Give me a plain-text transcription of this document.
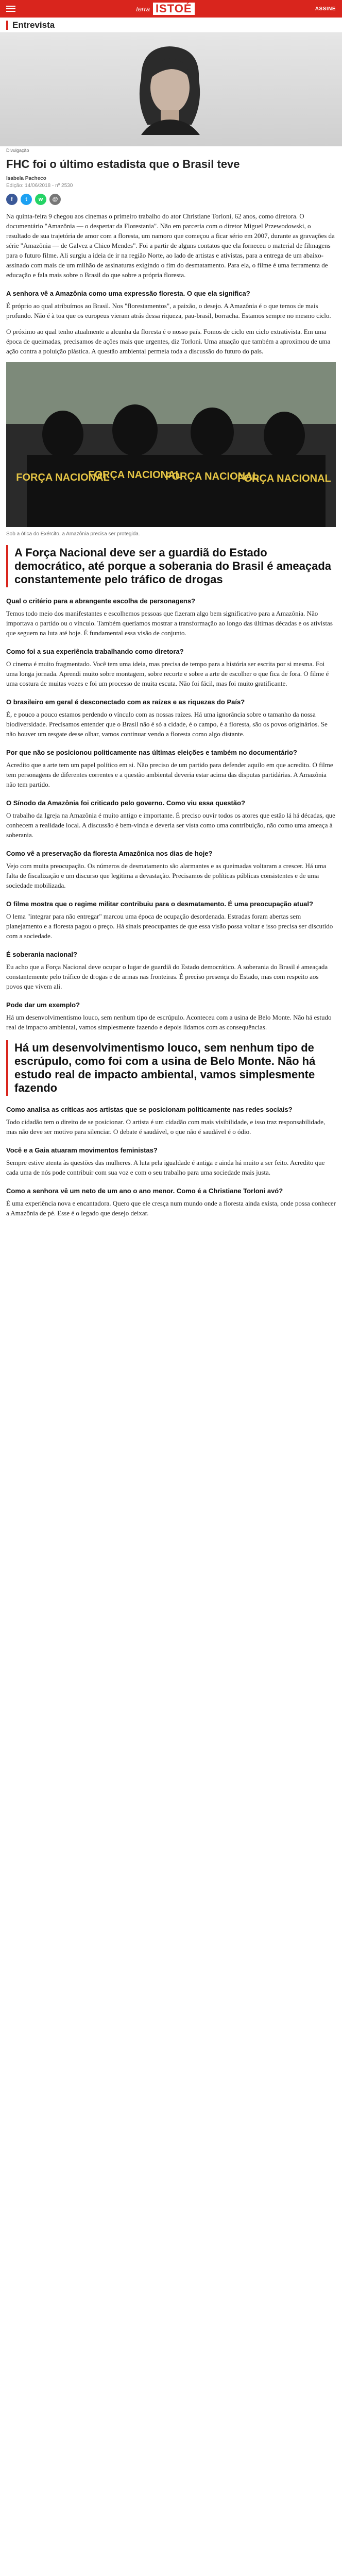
terra ISTOÉ	ASSINE
Entrevista
Divulgação
FHC foi o último estadista que o Brasil teve
Isabela Pacheco
Edição: 14/06/2018 - nº 2530
f	t	w	@

Na quinta-feira 9 chegou aos cinemas o primeiro trabalho do ator Christiane Torloni, 62 anos, como diretora. O documentário "Amazônia — o despertar da Florestania". Não em parceria com o diretor Miguel Przewodowski, o resultado de sua trajetória de amor com a floresta, um namoro que começou a ficar sério em 2007, durante as gravações da série "Amazônia — de Galvez a Chico Mendes". Foi a partir de alguns contatos que ela forneceu o material de filmagens para o futuro filme. Ali surgiu a ideia de ir na região Norte, ao lado de artistas e ativistas, para a entrega de um abaixo-assinado com mais de um milhão de assinaturas exigindo o fim do desmatamento. Para ela, o filme é uma ferramenta de educação e fala mais sobre o Brasil do que sobre a própria floresta.

A senhora vê a Amazônia como uma expressão floresta. O que ela significa?

É próprio ao qual atribuímos ao Brasil. Nos "florestamentos", a paixão, o desejo. A Amazônia é o que temos de mais profundo. Não é à toa que os europeus vieram atrás dessa riqueza, pau-brasil, borracha. Estamos sempre no mesmo ciclo.

O próximo ao qual tenho atualmente a alcunha da floresta é o nosso país. Fomos de ciclo em ciclo extrativista. Em uma época de queimadas, precisamos de ações mais que urgentes, diz Torloni. Uma atuação que também a aproximou de uma ação contra a poluição plástica. A questão ambiental permeia toda a discussão do futuro do país.

FORÇA NACIONAL
FORÇA NACIONAL
FORÇA NACIONAL
FORÇA NACIONAL
Sob a ótica do Exército, a Amazônia precisa ser protegida.
A Força Nacional deve ser a guardiã do Estado democrático, até porque a soberania do Brasil é ameaçada constantemente pelo tráfico de drogas
Qual o critério para a abrangente escolha de personagens?

Temos todo meio dos manifestantes e escolhemos pessoas que fizeram algo bem significativo para a Amazônia. Não importava o partido ou o vínculo. Também queríamos mostrar a transformação ao longo das últimas décadas e os ativistas que seguem na luta até hoje. É fundamental essa visão de conjunto.

Como foi a sua experiência trabalhando como diretora?

O cinema é muito fragmentado. Você tem uma ideia, mas precisa de tempo para a história ser escrita por si mesma. Foi uma longa jornada. Aprendi muito sobre montagem, sobre recorte e sobre a arte de escolher o que fica de fora. O filme é uma costura de muitas vozes e foi um processo de muita escuta. Não foi fácil, mas foi muito gratificante.

O brasileiro em geral é desconectado com as raízes e as riquezas do País?

É, e pouco a pouco estamos perdendo o vínculo com as nossas raízes. Há uma ignorância sobre o tamanho da nossa biodiversidade. Precisamos entender que o Brasil não é só a cidade, é o campo, é a floresta, são os povos originários. Se não houver um resgate desse olhar, vamos continuar vendo a floresta como algo distante.

Por que não se posicionou politicamente nas últimas eleições e também no documentário?

Acredito que a arte tem um papel político em si. Não preciso de um partido para defender aquilo em que acredito. O filme tem personagens de diferentes correntes e a questão ambiental deveria estar acima das disputas partidárias. A Amazônia não tem partido.

O Sínodo da Amazônia foi criticado pelo governo. Como viu essa questão?

O trabalho da Igreja na Amazônia é muito antigo e importante. É preciso ouvir todos os atores que estão lá há décadas, que conhecem a realidade local. A discussão é bem-vinda e deveria ser vista como uma contribuição, não como uma ameaça à soberania.

Como vê a preservação da floresta Amazônica nos dias de hoje?

Vejo com muita preocupação. Os números de desmatamento são alarmantes e as queimadas voltaram a crescer. Há uma falta de fiscalização e um discurso que legitima a devastação. Precisamos de políticas públicas consistentes e de uma sociedade mobilizada.

O filme mostra que o regime militar contribuiu para o desmatamento. É uma preocupação atual?

O lema "integrar para não entregar" marcou uma época de ocupação desordenada. Estradas foram abertas sem planejamento e a floresta pagou o preço. Há sinais preocupantes de que essa visão possa voltar e isso precisa ser discutido com a sociedade.

É soberania nacional?

Eu acho que a Força Nacional deve ocupar o lugar de guardiã do Estado democrático. A soberania do Brasil é ameaçada constantemente pelo tráfico de drogas e de armas nas fronteiras. É preciso presença do Estado, mas com respeito aos povos que vivem ali.

Pode dar um exemplo?

Há um desenvolvimentismo louco, sem nenhum tipo de escrúpulo. Aconteceu com a usina de Belo Monte. Não há estudo real de impacto ambiental, vamos simplesmente fazendo e depois lidamos com as consequências.

Há um desenvolvimentismo louco, sem nenhum tipo de escrúpulo, como foi com a usina de Belo Monte. Não há estudo real de impacto ambiental, vamos simplesmente fazendo
Como analisa as críticas aos artistas que se posicionam politicamente nas redes sociais?

Todo cidadão tem o direito de se posicionar. O artista é um cidadão com mais visibilidade, e isso traz responsabilidade, mas não deve ser motivo para silenciar. O debate é saudável, o que não é saudável é o ódio.

Você e a Gaia atuaram movimentos feministas?

Sempre estive atenta às questões das mulheres. A luta pela igualdade é antiga e ainda há muito a ser feito. Acredito que cada uma de nós pode contribuir com sua voz e com o seu trabalho para uma sociedade mais justa.

Como a senhora vê um neto de um ano o ano menor. Como é a Christiane Torloni avó?

É uma experiência nova e encantadora. Quero que ele cresça num mundo onde a floresta ainda exista, onde possa conhecer a Amazônia de pé. Esse é o legado que desejo deixar.
